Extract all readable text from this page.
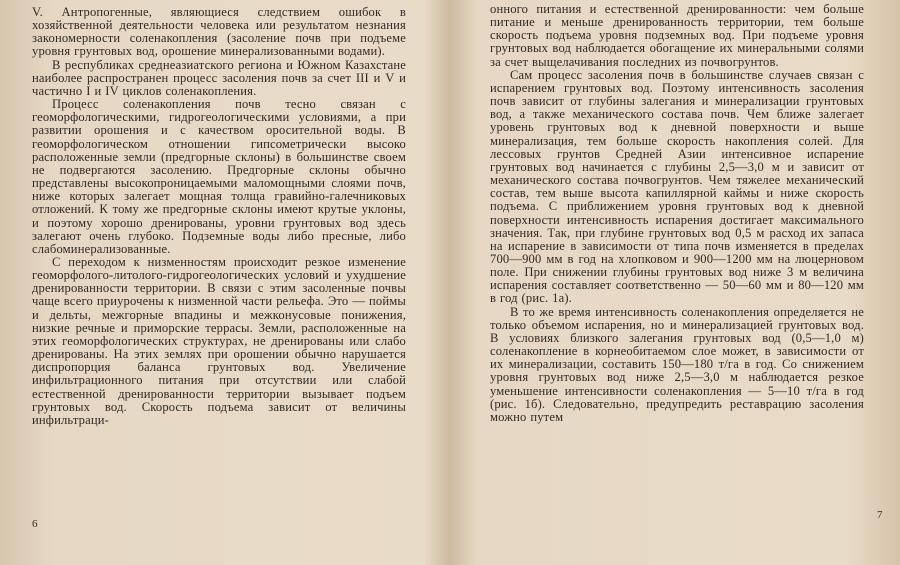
V. Антропогенные, являющиеся следствием ошибок в хозяйственной деятельности человека или результатом незнания закономерности соленакопления (засоление почв при подъеме уровня грунтовых вод, орошение минерализованными водами).

В республиках среднеазиатского региона и Южном Казахстане наиболее распространен процесс засоления почв за счет III и V и частично I и IV циклов соленакопления.

Процесс соленакопления почв тесно связан с геоморфологическими, гидрогеологическими условиями, а при развитии орошения и с качеством оросительной воды. В геоморфологическом отношении гипсометрически высоко расположенные земли (предгорные склоны) в большинстве своем не подвергаются засолению. Предгорные склоны обычно представлены высокопроницаемыми маломощными слоями почв, ниже которых залегает мощная толща гравийно-галечниковых отложений. К тому же предгорные склоны имеют крутые уклоны, и поэтому хорошо дренированы, уровни грунтовых вод здесь залегают очень глубоко. Подземные воды либо пресные, либо слабоминерализованные.

С переходом к низменностям происходит резкое изменение геоморфолого-литолого-гидрогеологических условий и ухудшение дренированности территории. В связи с этим засоленные почвы чаще всего приурочены к низменной части рельефа. Это — поймы и дельты, межгорные впадины и межконусовые понижения, низкие речные и приморские террасы. Земли, расположенные на этих геоморфологических структурах, не дренированы или слабо дренированы. На этих землях при орошении обычно нарушается диспропорция баланса грунтовых вод. Увеличение инфильтрационного питания при отсутствии или слабой естественной дренированности территории вызывает подъем грунтовых вод. Скорость подъема зависит от величины инфильтраци-

6

онного питания и естественной дренированности: чем больше питание и меньше дренированность территории, тем больше скорость подъема уровня подземных вод. При подъеме уровня грунтовых вод наблюдается обогащение их минеральными солями за счет выщелачивания последних из почвогрунтов.

Сам процесс засоления почв в большинстве случаев связан с испарением грунтовых вод. Поэтому интенсивность засоления почв зависит от глубины залегания и минерализации грунтовых вод, а также механического состава почв. Чем ближе залегает уровень грунтовых вод к дневной поверхности и выше минерализация, тем больше скорость накопления солей. Для лессовых грунтов Средней Азии интенсивное испарение грунтовых вод начинается с глубины 2,5—3,0 м и зависит от механического состава почвогрунтов. Чем тяжелее механический состав, тем выше высота капиллярной каймы и ниже скорость подъема. С приближением уровня грунтовых вод к дневной поверхности интенсивность испарения достигает максимального значения. Так, при глубине грунтовых вод 0,5 м расход их запаса на испарение в зависимости от типа почв изменяется в пределах 700—900 мм в год на хлопковом и 900—1200 мм на люцерновом поле. При снижении глубины грунтовых вод ниже 3 м величина испарения составляет соответственно — 50—60 мм и 80—120 мм в год (рис. 1а).

В то же время интенсивность соленакопления определяется не только объемом испарения, но и минерализацией грунтовых вод. В условиях близкого залегания грунтовых вод (0,5—1,0 м) соленакопление в корнеобитаемом слое может, в зависимости от их минерализации, составить 150—180 т/га в год. Со снижением уровня грунтовых вод ниже 2,5—3,0 м наблюдается резкое уменьшение интенсивности соленакопления — 5—10 т/га в год (рис. 1б). Следовательно, предупредить реставрацию засоления можно путем

7
